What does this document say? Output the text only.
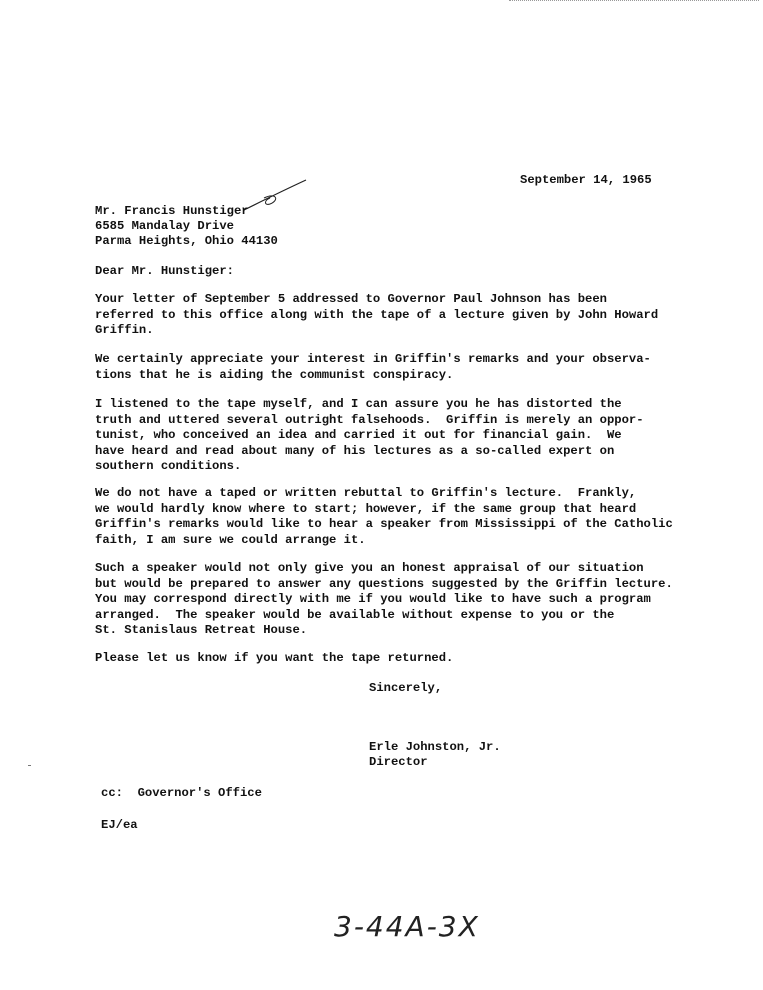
September 14, 1965
Mr. Francis Hunstiger
6585 Mandalay Drive
Parma Heights, Ohio 44130
Dear Mr. Hunstiger:
Your letter of September 5 addressed to Governor Paul Johnson has been
referred to this office along with the tape of a lecture given by John Howard
Griffin.
We certainly appreciate your interest in Griffin's remarks and your observa-
tions that he is aiding the communist conspiracy.
I listened to the tape myself, and I can assure you he has distorted the
truth and uttered several outright falsehoods.  Griffin is merely an oppor-
tunist, who conceived an idea and carried it out for financial gain.  We
have heard and read about many of his lectures as a so-called expert on
southern conditions.
We do not have a taped or written rebuttal to Griffin's lecture.  Frankly,
we would hardly know where to start; however, if the same group that heard
Griffin's remarks would like to hear a speaker from Mississippi of the Catholic
faith, I am sure we could arrange it.
Such a speaker would not only give you an honest appraisal of our situation
but would be prepared to answer any questions suggested by the Griffin lecture.
You may correspond directly with me if you would like to have such a program
arranged.  The speaker would be available without expense to you or the
St. Stanislaus Retreat House.
Please let us know if you want the tape returned.
Sincerely,
Erle Johnston, Jr.
Director
cc:  Governor's Office
EJ/ea
3-44A-3X
